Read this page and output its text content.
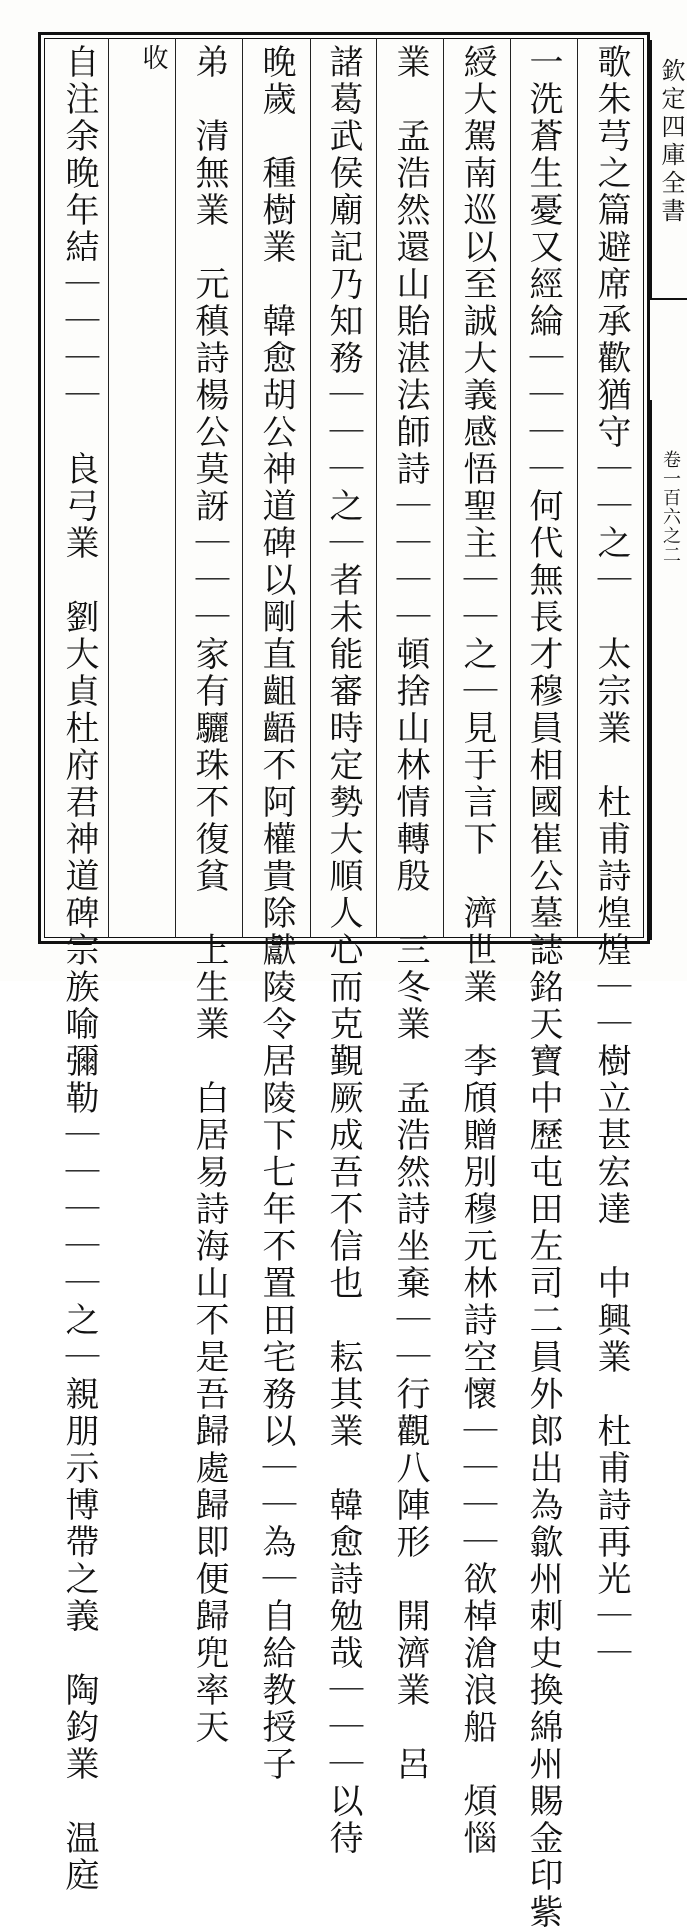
欽定四庫全書
卷一百六之二
歌朱芎之篇避席承歡猶守｜｜之｜　太宗業　杜甫詩煌煌｜｜樹立甚宏達　中興業　杜甫詩再光｜｜
一洗蒼生憂又經綸｜｜｜｜何代無長才穆員相國崔公墓誌銘天寶中歷屯田左司二員外郎出為歙州刺史換綿州賜金印紫
綬大駕南巡以至誠大義感悟聖主｜｜之｜見于言下　濟世業　李頎贈別穆元林詩空懷｜｜｜｜欲棹滄浪船　煩惱
業　孟浩然還山貽湛法師詩｜｜｜｜頓捨山林情轉殷　三冬業　孟浩然詩坐棄｜｜行觀八陣形　開濟業　呂
諸葛武侯廟記乃知務｜｜｜之｜者未能審時定勢大順人心而克覲厥成吾不信也　耘其業　韓愈詩勉哉｜｜｜以待
晚歲　種樹業　韓愈胡公神道碑以剛直齟齬不阿權貴除獻陵令居陵下七年不置田宅務以｜｜為｜自給教授子
弟　清無業　元稹詩楊公莫訝｜｜｜家有驪珠不復貧　上生業　白居易詩海山不是吾歸處歸即便歸兜率天
收
自注余晚年結｜｜｜｜　良弓業　劉大貞杜府君神道碑宗族喻彌勒｜｜｜｜｜之｜親朋示博帶之義　陶鈞業　温庭
